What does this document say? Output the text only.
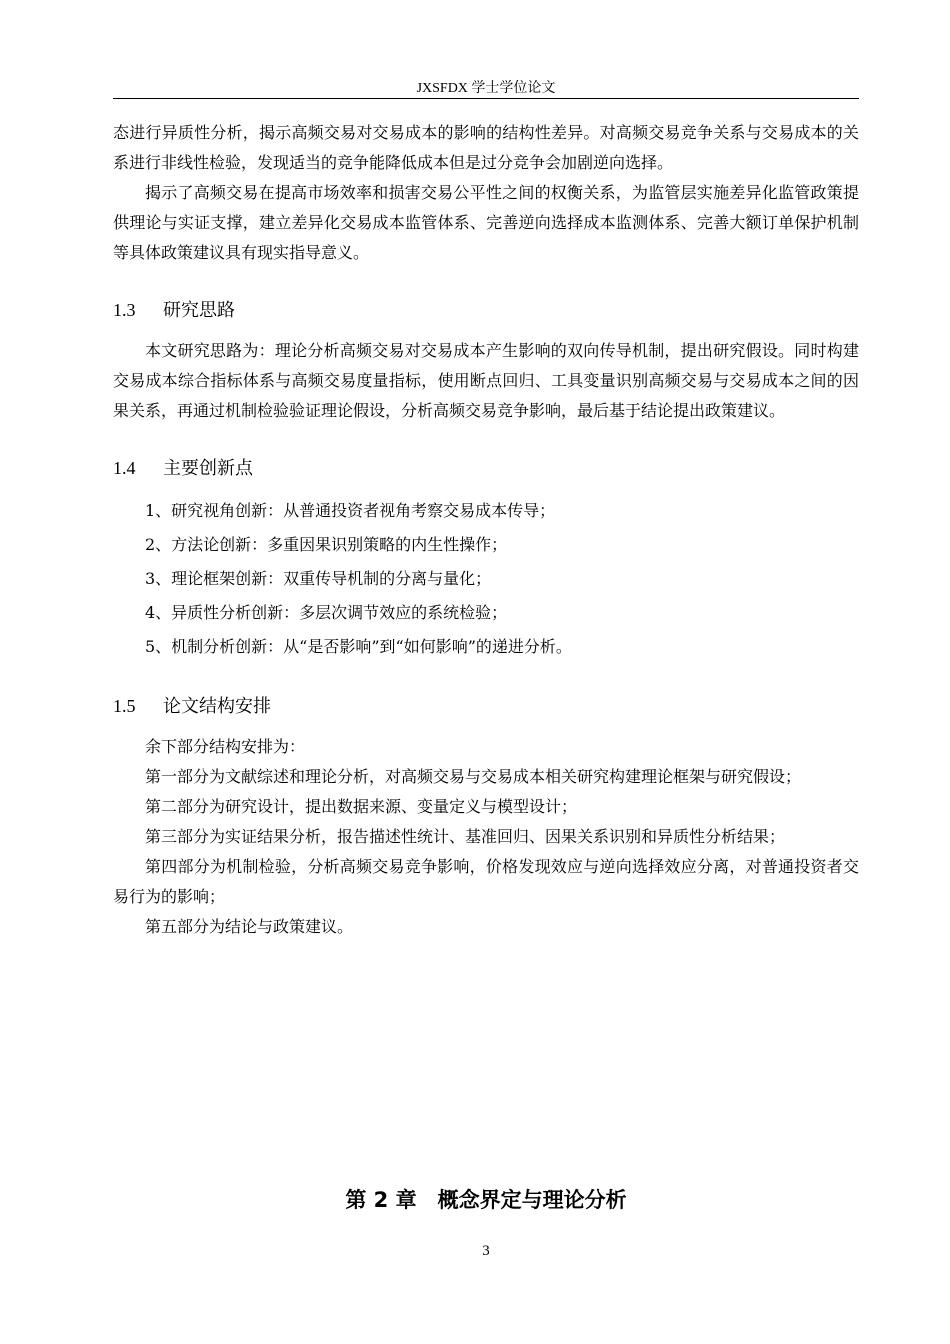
JXSFDX 学士学位论文

态进行异质性分析，揭示高频交易对交易成本的影响的结构性差异。对高频交易竞争关系与交易成本的关系进行非线性检验，发现适当的竞争能降低成本但是过分竞争会加剧逆向选择。

揭示了高频交易在提高市场效率和损害交易公平性之间的权衡关系，为监管层实施差异化监管政策提供理论与实证支撑，建立差异化交易成本监管体系、完善逆向选择成本监测体系、完善大额订单保护机制等具体政策建议具有现实指导意义。

1.3 研究思路

本文研究思路为：理论分析高频交易对交易成本产生影响的双向传导机制，提出研究假设。同时构建交易成本综合指标体系与高频交易度量指标，使用断点回归、工具变量识别高频交易与交易成本之间的因果关系，再通过机制检验验证理论假设，分析高频交易竞争影响，最后基于结论提出政策建议。

1.4 主要创新点
1、研究视角创新：从普通投资者视角考察交易成本传导；
2、方法论创新：多重因果识别策略的内生性操作；
3、理论框架创新：双重传导机制的分离与量化；
4、异质性分析创新：多层次调节效应的系统检验；
5、机制分析创新：从“是否影响”到“如何影响”的递进分析。
1.5 论文结构安排

余下部分结构安排为：

第一部分为文献综述和理论分析，对高频交易与交易成本相关研究构建理论框架与研究假设；

第二部分为研究设计，提出数据来源、变量定义与模型设计；

第三部分为实证结果分析，报告描述性统计、基准回归、因果关系识别和异质性分析结果；

第四部分为机制检验，分析高频交易竞争影响，价格发现效应与逆向选择效应分离，对普通投资者交易行为的影响；

第五部分为结论与政策建议。

第 2 章　概念界定与理论分析
3
